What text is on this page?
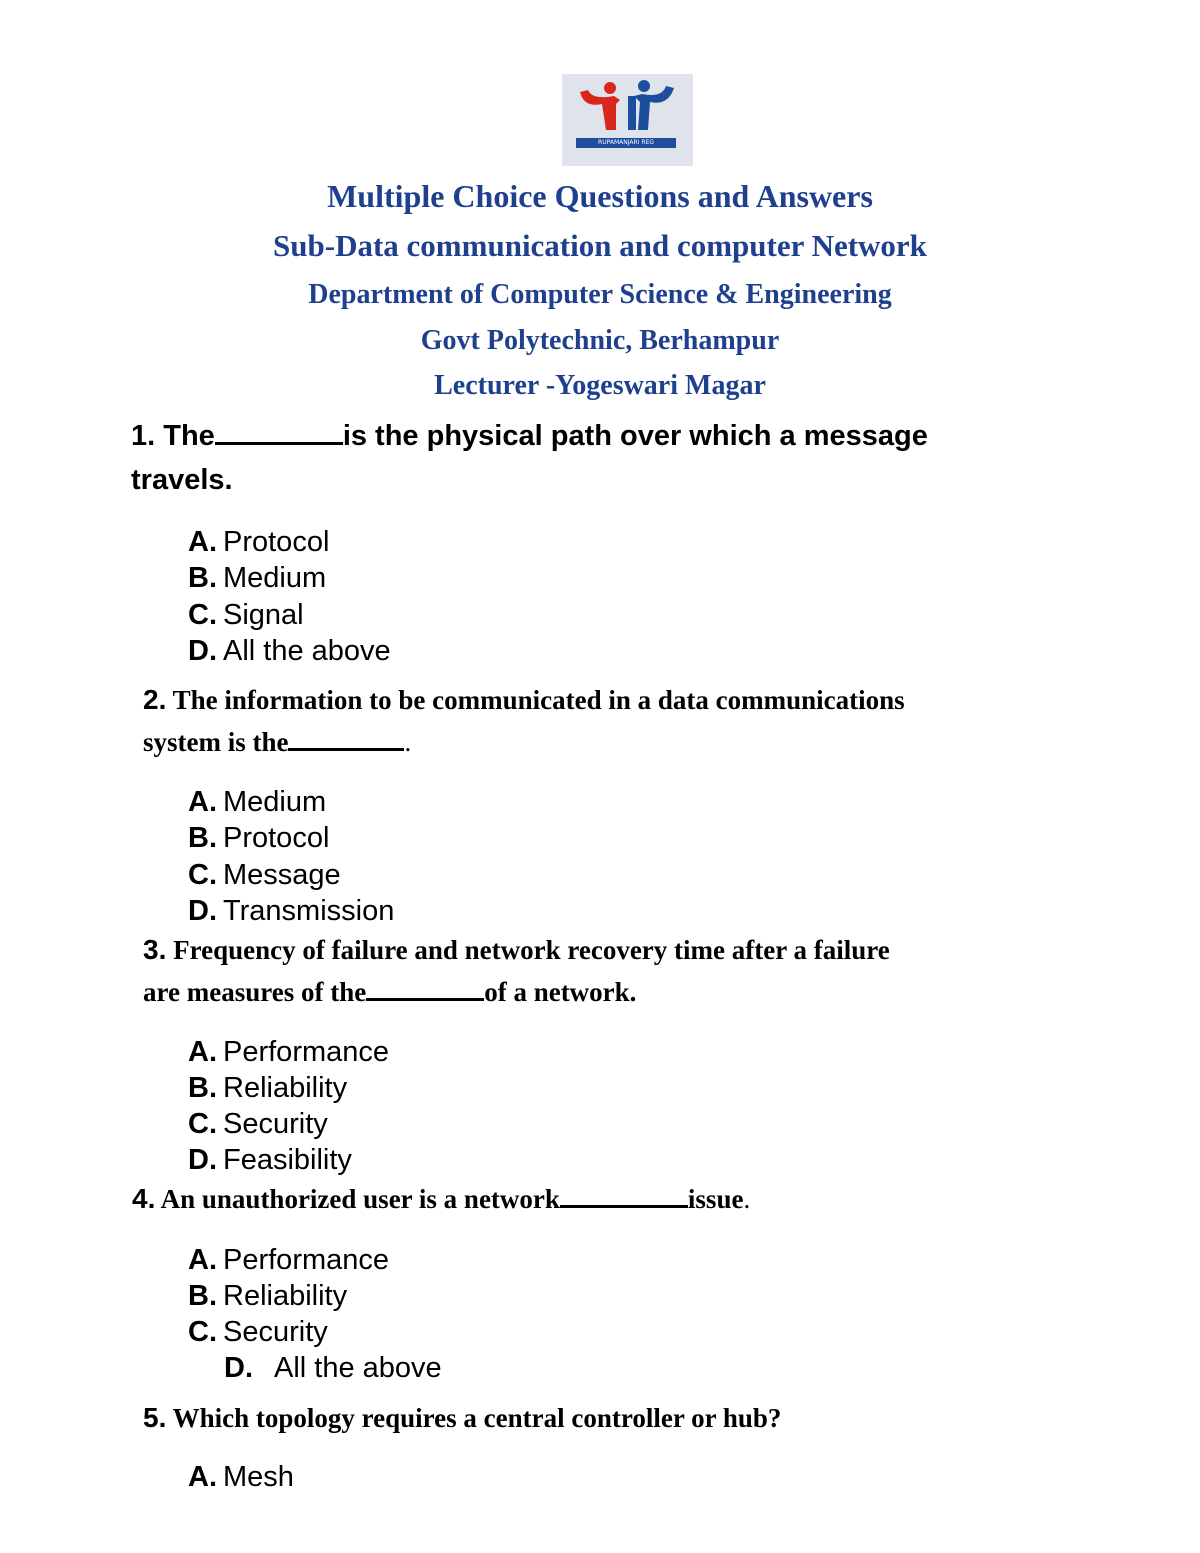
RUPAMANJARI REG
Multiple Choice Questions and Answers
Sub-Data communication and computer Network
Department of Computer Science & Engineering
Govt Polytechnic, Berhampur
Lecturer -Yogeswari Magar
1. The	is the physical path over which a message
travels.
A. Protocol
B. Medium
C. Signal
D. All the above
2. The information to be communicated in a data communications
system is the	.
A. Medium
B. Protocol
C. Message
D. Transmission
3. Frequency of failure and network recovery time after a failure
are measures of the	of a network.
A. Performance
B. Reliability
C. Security
D. Feasibility
4. An unauthorized user is a network	issue.
A. Performance
B. Reliability
C. Security
D. All the above
5. Which topology requires a central controller or hub?
A. Mesh
